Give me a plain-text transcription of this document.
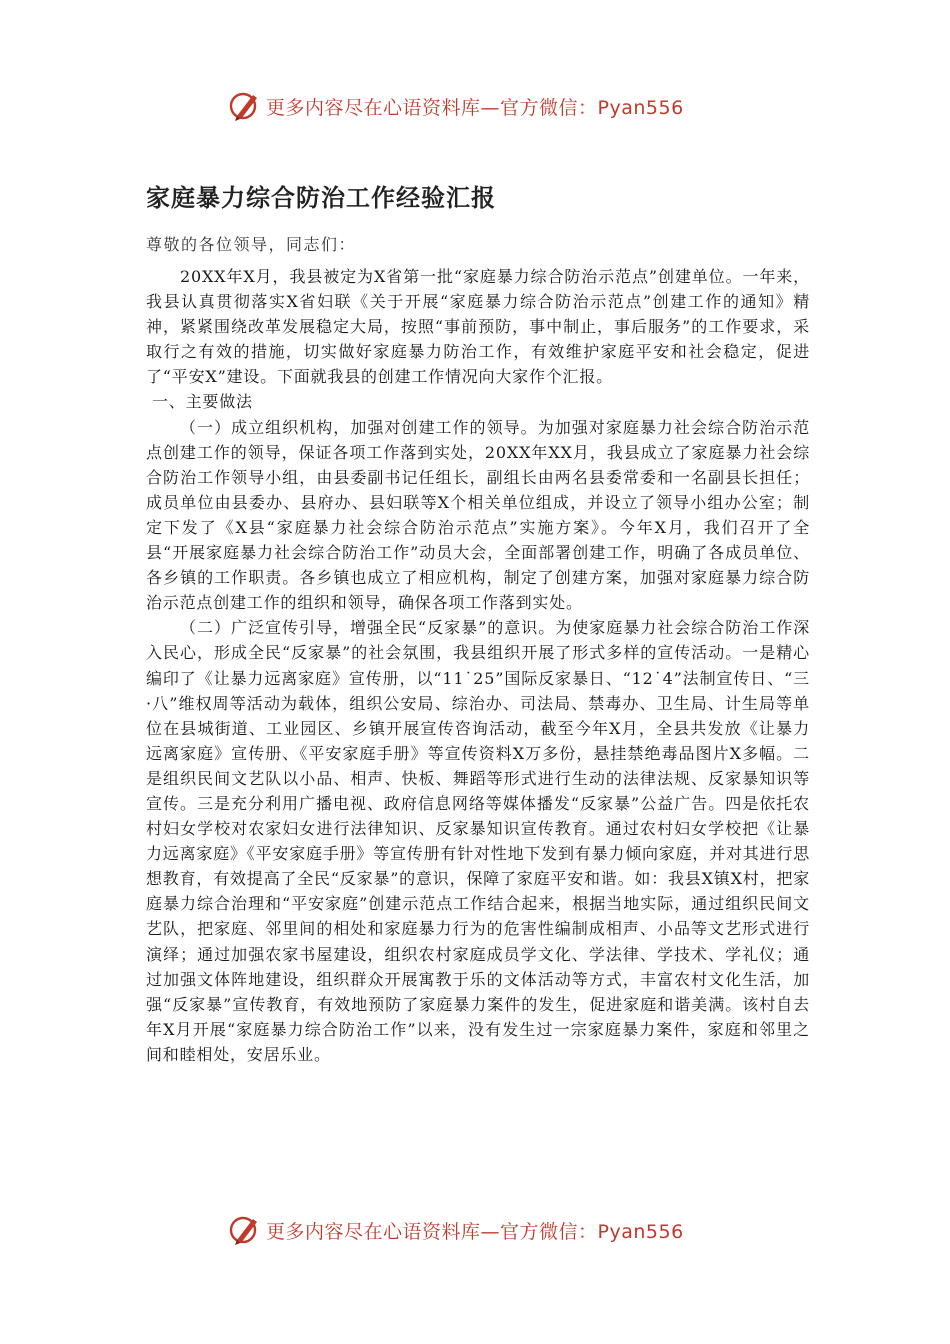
更多内容尽在心语资料库—官方微信：Pyan556
家庭暴力综合防治工作经验汇报

尊敬的各位领导，同志们：

20XX年X月，我县被定为X省第一批“家庭暴力综合防治示范点”创建单位。一年来，我县认真贯彻落实X省妇联《关于开展“家庭暴力综合防治示范点”创建工作的通知》精神，紧紧围绕改革发展稳定大局，按照“事前预防，事中制止，事后服务”的工作要求，采取行之有效的措施，切实做好家庭暴力防治工作，有效维护家庭平安和社会稳定，促进了“平安X”建设。下面就我县的创建工作情况向大家作个汇报。

一、主要做法

（一）成立组织机构，加强对创建工作的领导。为加强对家庭暴力社会综合防治示范点创建工作的领导，保证各项工作落到实处，20XX年XX月，我县成立了家庭暴力社会综合防治工作领导小组，由县委副书记任组长，副组长由两名县委常委和一名副县长担任；成员单位由县委办、县府办、县妇联等X个相关单位组成，并设立了领导小组办公室；制定下发了《X县“家庭暴力社会综合防治示范点”实施方案》。今年X月，我们召开了全县“开展家庭暴力社会综合防治工作”动员大会，全面部署创建工作，明确了各成员单位、各乡镇的工作职责。各乡镇也成立了相应机构，制定了创建方案，加强对家庭暴力综合防治示范点创建工作的组织和领导，确保各项工作落到实处。

（二）广泛宣传引导，增强全民“反家暴”的意识。为使家庭暴力社会综合防治工作深入民心，形成全民“反家暴”的社会氛围，我县组织开展了形式多样的宣传活动。一是精心编印了《让暴力远离家庭》宣传册，以“11˙25”国际反家暴日、“12˙4”法制宣传日、“三·八”维权周等活动为载体，组织公安局、综治办、司法局、禁毒办、卫生局、计生局等单位在县城街道、工业园区、乡镇开展宣传咨询活动，截至今年X月，全县共发放《让暴力远离家庭》宣传册、《平安家庭手册》等宣传资料X万多份，悬挂禁绝毒品图片X多幅。二是组织民间文艺队以小品、相声、快板、舞蹈等形式进行生动的法律法规、反家暴知识等宣传。三是充分利用广播电视、政府信息网络等媒体播发“反家暴”公益广告。四是依托农村妇女学校对农家妇女进行法律知识、反家暴知识宣传教育。通过农村妇女学校把《让暴力远离家庭》《平安家庭手册》等宣传册有针对性地下发到有暴力倾向家庭，并对其进行思想教育，有效提高了全民“反家暴”的意识，保障了家庭平安和谐。如：我县X镇X村，把家庭暴力综合治理和“平安家庭”创建示范点工作结合起来，根据当地实际，通过组织民间文艺队，把家庭、邻里间的相处和家庭暴力行为的危害性编制成相声、小品等文艺形式进行演绎；通过加强农家书屋建设，组织农村家庭成员学文化、学法律、学技术、学礼仪；通过加强文体阵地建设，组织群众开展寓教于乐的文体活动等方式，丰富农村文化生活，加强“反家暴”宣传教育，有效地预防了家庭暴力案件的发生，促进家庭和谐美满。该村自去年X月开展“家庭暴力综合防治工作”以来，没有发生过一宗家庭暴力案件，家庭和邻里之间和睦相处，安居乐业。

更多内容尽在心语资料库—官方微信：Pyan556
